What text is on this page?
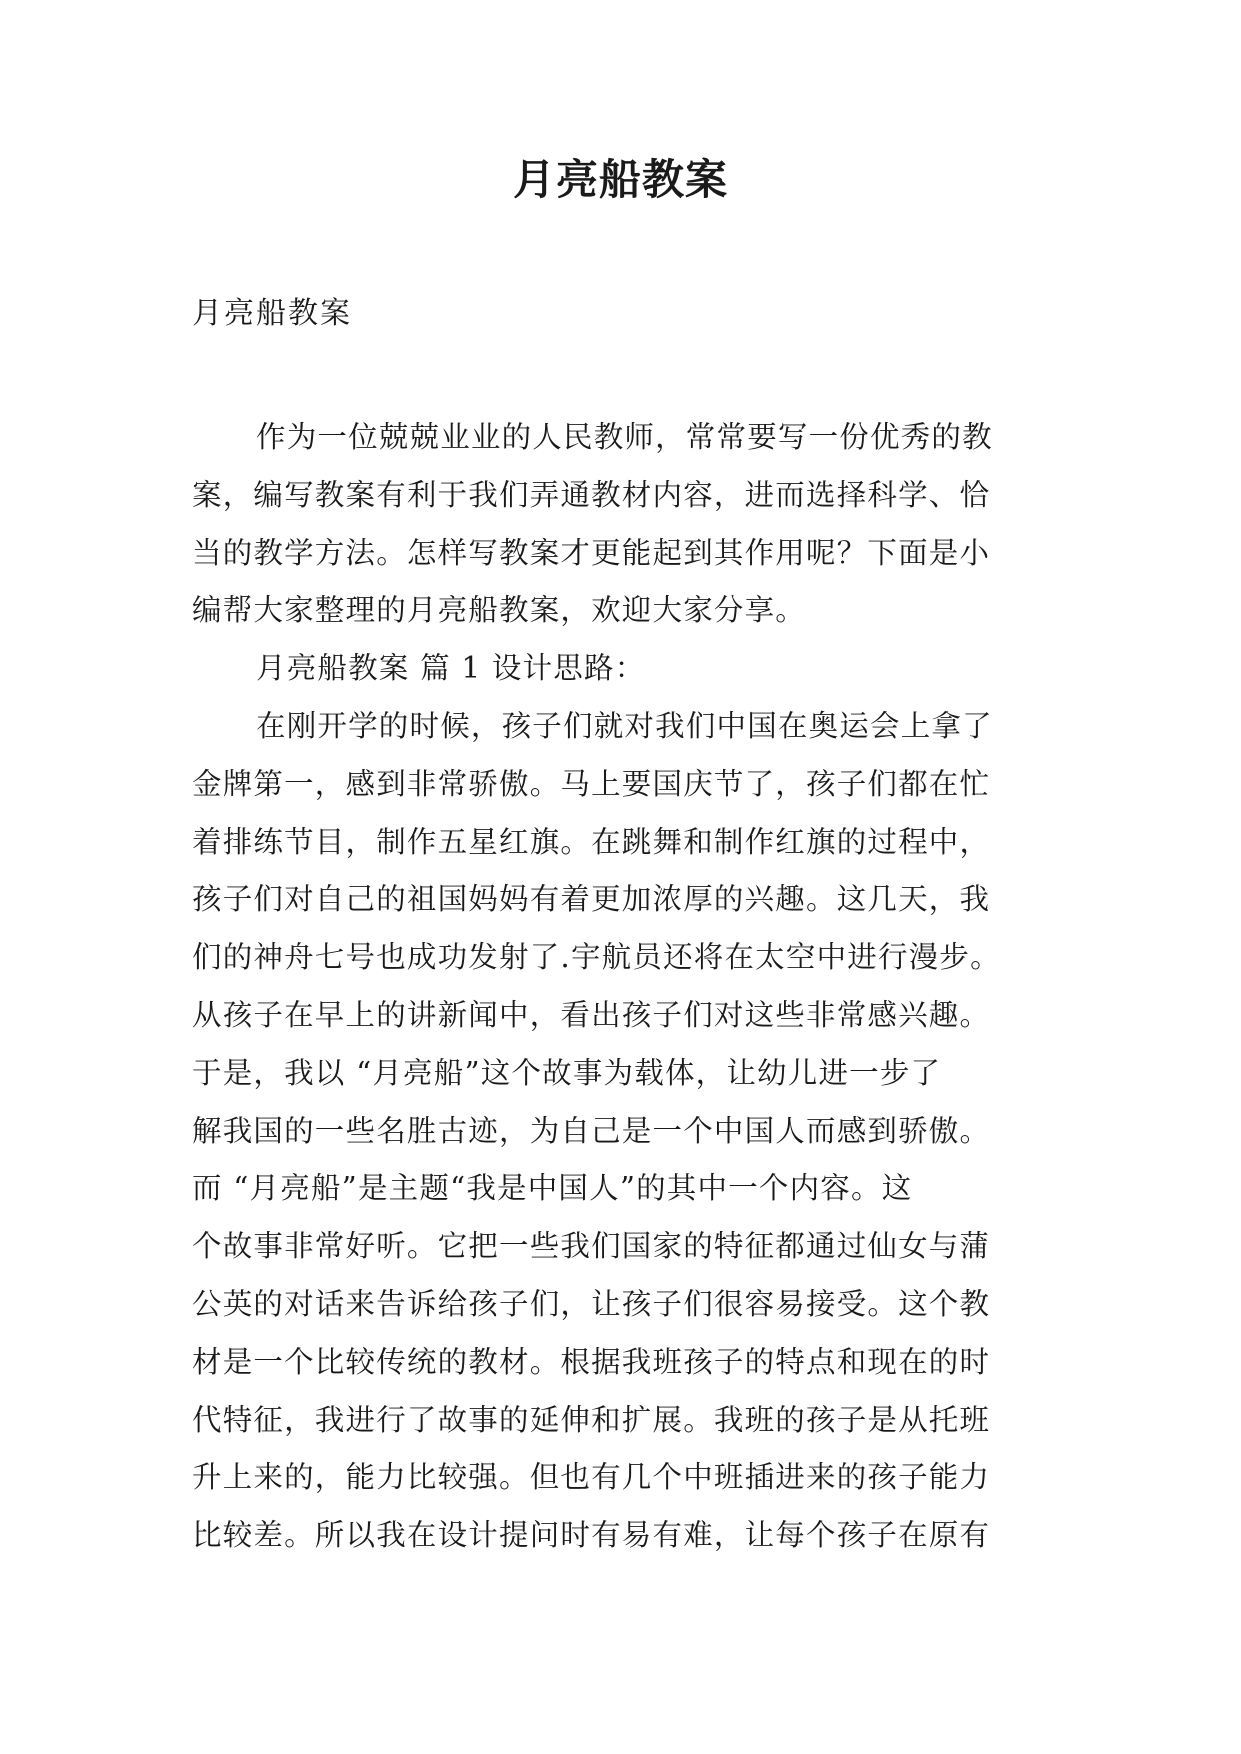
月亮船教案
月亮船教案
作为一位兢兢业业的人民教师，常常要写一份优秀的教
案，编写教案有利于我们弄通教材内容，进而选择科学、恰
当的教学方法。怎样写教案才更能起到其作用呢？下面是小
编帮大家整理的月亮船教案，欢迎大家分享。
月亮船教案 篇 1 设计思路：
在刚开学的时候，孩子们就对我们中国在奥运会上拿了
金牌第一，感到非常骄傲。马上要国庆节了，孩子们都在忙
着排练节目，制作五星红旗。在跳舞和制作红旗的过程中，
孩子们对自己的祖国妈妈有着更加浓厚的兴趣。这几天，我
们的神舟七号也成功发射了.宇航员还将在太空中进行漫步。
从孩子在早上的讲新闻中，看出孩子们对这些非常感兴趣。
于是，我以 “月亮船”这个故事为载体，让幼儿进一步了
解我国的一些名胜古迹，为自己是一个中国人而感到骄傲。
而 “月亮船”是主题“我是中国人”的其中一个内容。这
个故事非常好听。它把一些我们国家的特征都通过仙女与蒲
公英的对话来告诉给孩子们，让孩子们很容易接受。这个教
材是一个比较传统的教材。根据我班孩子的特点和现在的时
代特征，我进行了故事的延伸和扩展。我班的孩子是从托班
升上来的，能力比较强。但也有几个中班插进来的孩子能力
比较差。所以我在设计提问时有易有难，让每个孩子在原有
